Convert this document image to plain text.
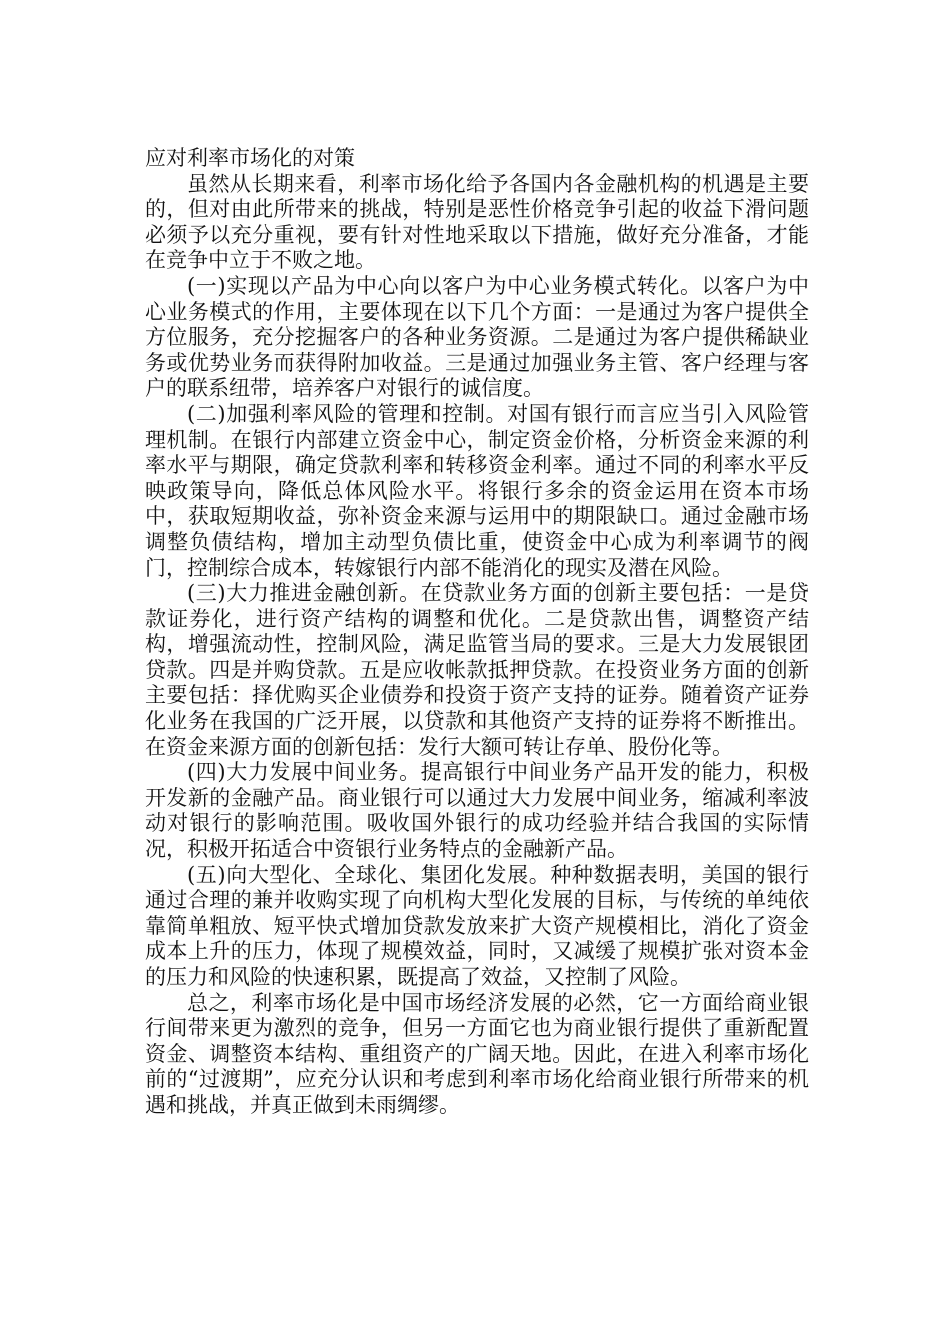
应对利率市场化的对策

虽然从长期来看，利率市场化给予各国内各金融机构的机遇是主要的，但对由此所带来的挑战，特别是恶性价格竞争引起的收益下滑问题必须予以充分重视，要有针对性地采取以下措施，做好充分准备，才能在竞争中立于不败之地。

(一)实现以产品为中心向以客户为中心业务模式转化。以客户为中心业务模式的作用，主要体现在以下几个方面：一是通过为客户提供全方位服务，充分挖掘客户的各种业务资源。二是通过为客户提供稀缺业务或优势业务而获得附加收益。三是通过加强业务主管、客户经理与客户的联系纽带，培养客户对银行的诚信度。

(二)加强利率风险的管理和控制。对国有银行而言应当引入风险管理机制。在银行内部建立资金中心，制定资金价格，分析资金来源的利率水平与期限，确定贷款利率和转移资金利率。通过不同的利率水平反映政策导向，降低总体风险水平。将银行多余的资金运用在资本市场中，获取短期收益，弥补资金来源与运用中的期限缺口。通过金融市场调整负债结构，增加主动型负债比重，使资金中心成为利率调节的阀门，控制综合成本，转嫁银行内部不能消化的现实及潜在风险。

(三)大力推进金融创新。在贷款业务方面的创新主要包括：一是贷款证券化，进行资产结构的调整和优化。二是贷款出售，调整资产结构，增强流动性，控制风险，满足监管当局的要求。三是大力发展银团贷款。四是并购贷款。五是应收帐款抵押贷款。在投资业务方面的创新主要包括：择优购买企业债券和投资于资产支持的证券。随着资产证券化业务在我国的广泛开展，以贷款和其他资产支持的证券将不断推出。在资金来源方面的创新包括：发行大额可转让存单、股份化等。

(四)大力发展中间业务。提高银行中间业务产品开发的能力，积极开发新的金融产品。商业银行可以通过大力发展中间业务，缩减利率波动对银行的影响范围。吸收国外银行的成功经验并结合我国的实际情况，积极开拓适合中资银行业务特点的金融新产品。

(五)向大型化、全球化、集团化发展。种种数据表明，美国的银行通过合理的兼并收购实现了向机构大型化发展的目标，与传统的单纯依靠简单粗放、短平快式增加贷款发放来扩大资产规模相比，消化了资金成本上升的压力，体现了规模效益，同时，又减缓了规模扩张对资本金的压力和风险的快速积累，既提高了效益，又控制了风险。

总之，利率市场化是中国市场经济发展的必然，它一方面给商业银行间带来更为激烈的竞争，但另一方面它也为商业银行提供了重新配置资金、调整资本结构、重组资产的广阔天地。因此，在进入利率市场化前的“过渡期”，应充分认识和考虑到利率市场化给商业银行所带来的机遇和挑战，并真正做到未雨绸缪。
